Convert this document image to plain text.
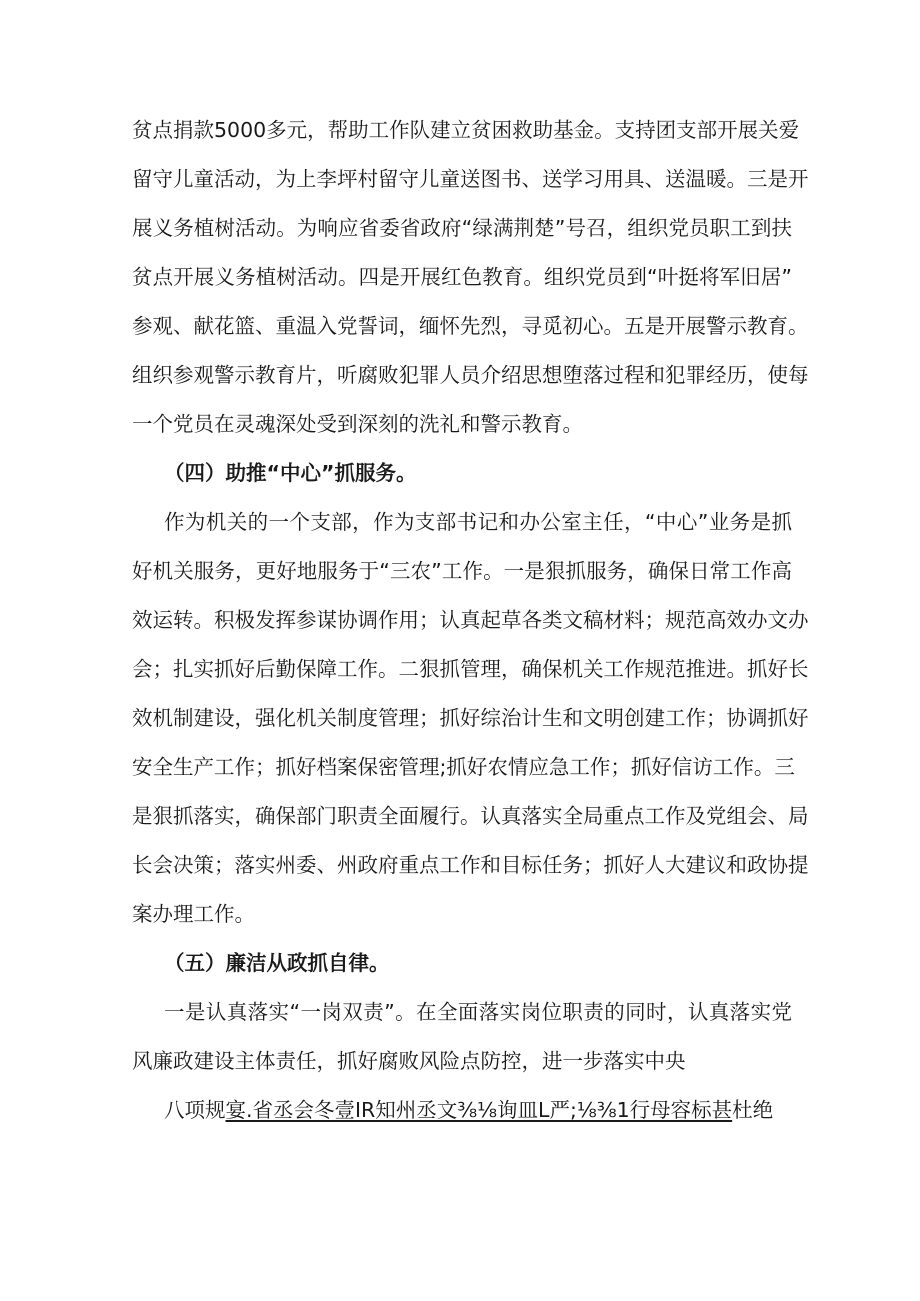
贫点捐款5000多元，帮助工作队建立贫困救助基金。支持团支部开展关爱
留守儿童活动，为上李坪村留守儿童送图书、送学习用具、送温暖。三是开
展义务植树活动。为响应省委省政府“绿满荆楚”号召，组织党员职工到扶
贫点开展义务植树活动。四是开展红色教育。组织党员到“叶挺将军旧居”
参观、献花篮、重温入党誓词，缅怀先烈，寻觅初心。五是开展警示教育。
组织参观警示教育片，听腐败犯罪人员介绍思想堕落过程和犯罪经历，使每
一个党员在灵魂深处受到深刻的洗礼和警示教育。
（四）助推“中心”抓服务。
作为机关的一个支部，作为支部书记和办公室主任，“中心”业务是抓
好机关服务，更好地服务于“三农”工作。一是狠抓服务，确保日常工作高
效运转。积极发挥参谋协调作用；认真起草各类文稿材料；规范高效办文办
会；扎实抓好后勤保障工作。二狠抓管理，确保机关工作规范推进。抓好长
效机制建设，强化机关制度管理；抓好综治计生和文明创建工作；协调抓好
安全生产工作；抓好档案保密管理;抓好农情应急工作；抓好信访工作。三
是狠抓落实，确保部门职责全面履行。认真落实全局重点工作及党组会、局
长会决策；落实州委、州政府重点工作和目标任务；抓好人大建议和政协提
案办理工作。
（五）廉洁从政抓自律。
一是认真落实“一岗双责”。在全面落实岗位职责的同时，认真落实党
风廉政建设主体责任，抓好腐败风险点防控，进一步落实中央
八项规宴.省丞会冬壹IR知州丞文⅜⅛询皿L严;⅛⅜1行母容标甚杜绝
